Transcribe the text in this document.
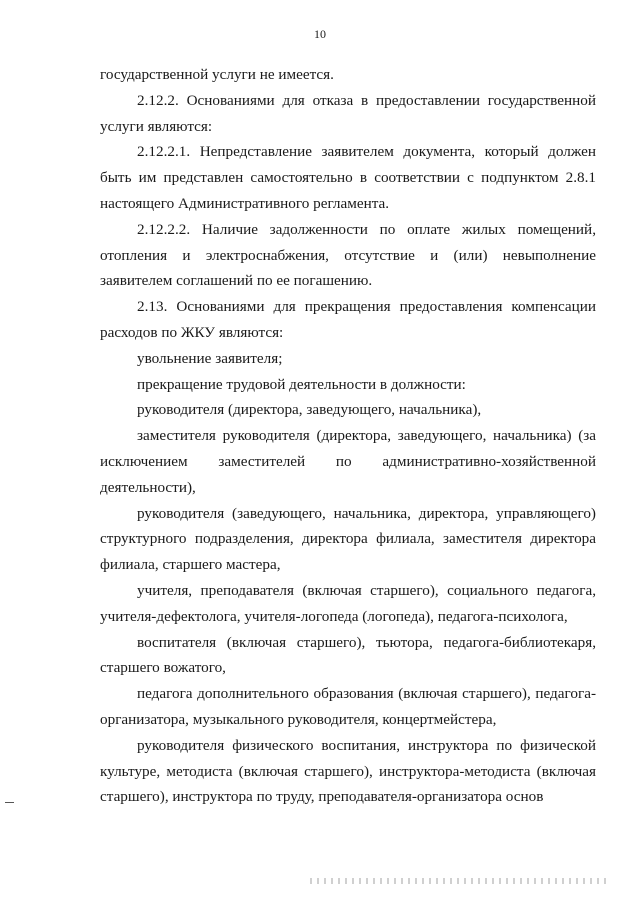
10

государственной услуги не имеется.

2.12.2. Основаниями для отказа в предоставлении государственной услуги являются:

2.12.2.1. Непредставление заявителем документа, который должен быть им представлен самостоятельно в соответствии с подпунктом 2.8.1 настоящего Административного регламента.

2.12.2.2. Наличие задолженности по оплате жилых помещений, отопления и электроснабжения, отсутствие и (или) невыполнение заявителем соглашений по ее погашению.

2.13. Основаниями для прекращения предоставления компенсации расходов по ЖКУ являются:

увольнение заявителя;

прекращение трудовой деятельности в должности:

руководителя (директора, заведующего, начальника),

заместителя руководителя (директора, заведующего, начальника) (за исключением заместителей по административно-хозяйственной деятельности),

руководителя (заведующего, начальника, директора, управляющего) структурного подразделения, директора филиала, заместителя директора филиала, старшего мастера,

учителя, преподавателя (включая старшего), социального педагога, учителя-дефектолога, учителя-логопеда (логопеда), педагога-психолога,

воспитателя (включая старшего), тьютора, педагога-библиотекаря, старшего вожатого,

педагога дополнительного образования (включая старшего), педагога-организатора, музыкального руководителя, концертмейстера,

руководителя физического воспитания, инструктора по физической культуре, методиста (включая старшего), инструктора-методиста (включая старшего), инструктора по труду, преподавателя-организатора основ
